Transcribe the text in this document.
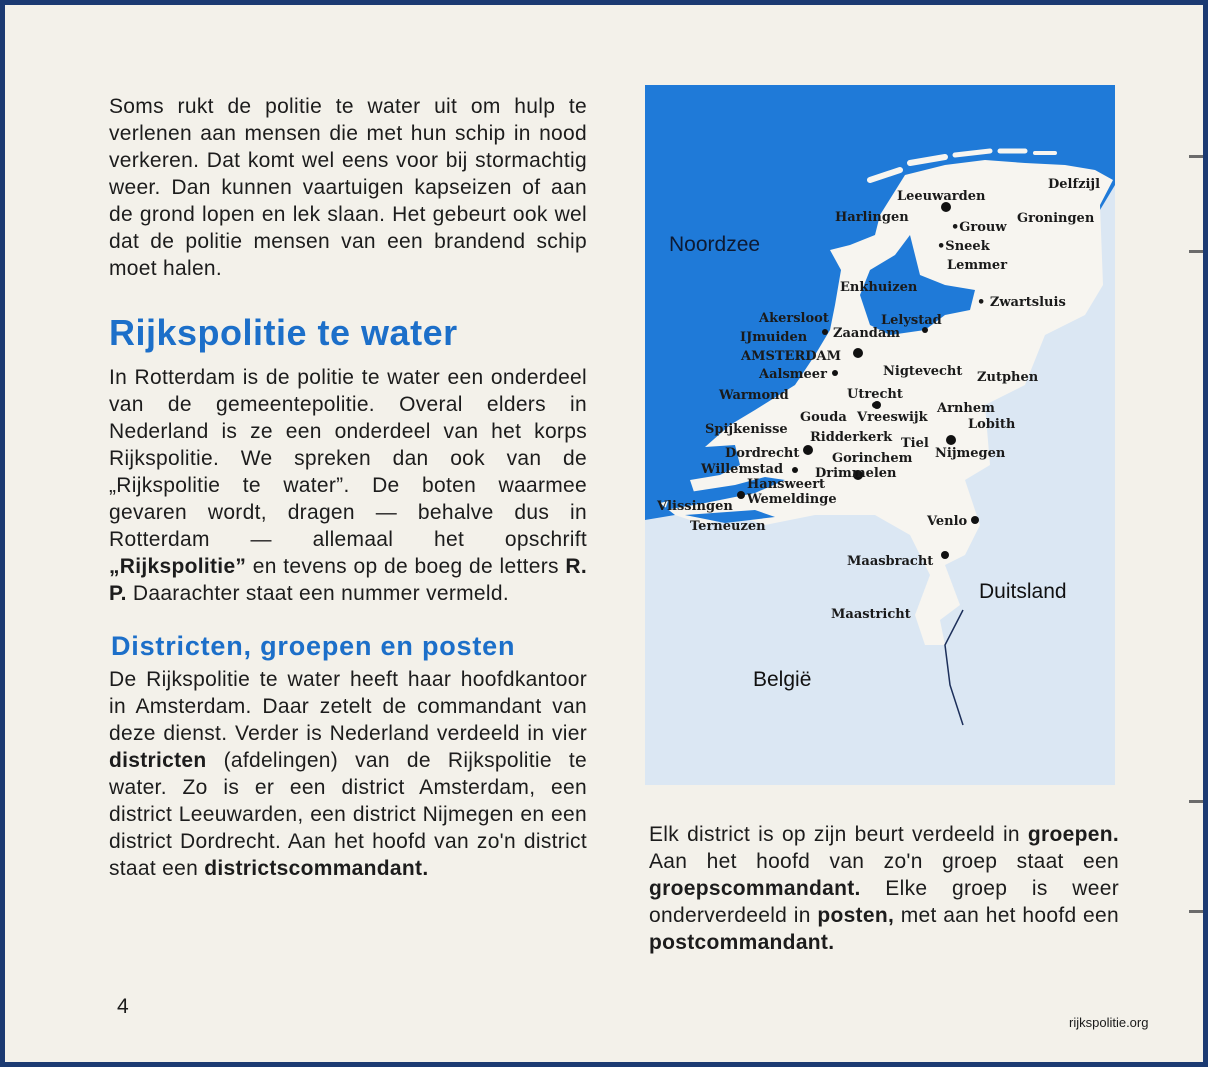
Soms rukt de politie te water uit om hulp te verlenen aan mensen die met hun schip in nood verkeren. Dat komt wel eens voor bij stormachtig weer. Dan kunnen vaartuigen kapseizen of aan de grond lopen en lek slaan. Het gebeurt ook wel dat de politie mensen van een brandend schip moet halen.

Rijkspolitie te water

In Rotterdam is de politie te water een onderdeel van de gemeentepolitie. Overal elders in Nederland is ze een onderdeel van het korps Rijkspolitie. We spreken dan ook van de „Rijkspolitie te water”. De boten waarmee gevaren wordt, dragen — behalve dus in Rotterdam — allemaal het opschrift „Rijkspolitie” en tevens op de boeg de letters R. P. Daarachter staat een nummer vermeld.

Districten, groepen en posten

De Rijkspolitie te water heeft haar hoofdkantoor in Amsterdam. Daar zetelt de commandant van deze dienst. Verder is Nederland verdeeld in vier districten (afdelingen) van de Rijkspolitie te water. Zo is er een district Amsterdam, een district Leeuwarden, een district Nijmegen en een district Dordrecht. Aan het hoofd van zo'n district staat een districtscommandant.

Noordzee
Duitsland
België
Leeuwarden
Delfzijl
Harlingen
•Grouw
Groningen
•Sneek
Lemmer
Enkhuizen
• Zwartsluis
Akersloot	Lelystad
IJmuiden Zaandam
AMSTERDAM
Aalsmeer	Nigtevecht Zutphen
Warmond	Utrecht
Arnhem
Gouda Vreeswijk	Lobith
Spijkenisse
Ridderkerk Tiel
Dordrecht	Gorinchem Nijmegen
Willemstad Drimmelen
Hansweert
Vlissingen Wemeldinge
Venlo
Terneuzen
Maasbracht
Maastricht

Elk district is op zijn beurt verdeeld in groepen. Aan het hoofd van zo'n groep staat een groepscommandant. Elke groep is weer onderverdeeld in posten, met aan het hoofd een postcommandant.

4
rijkspolitie.org
